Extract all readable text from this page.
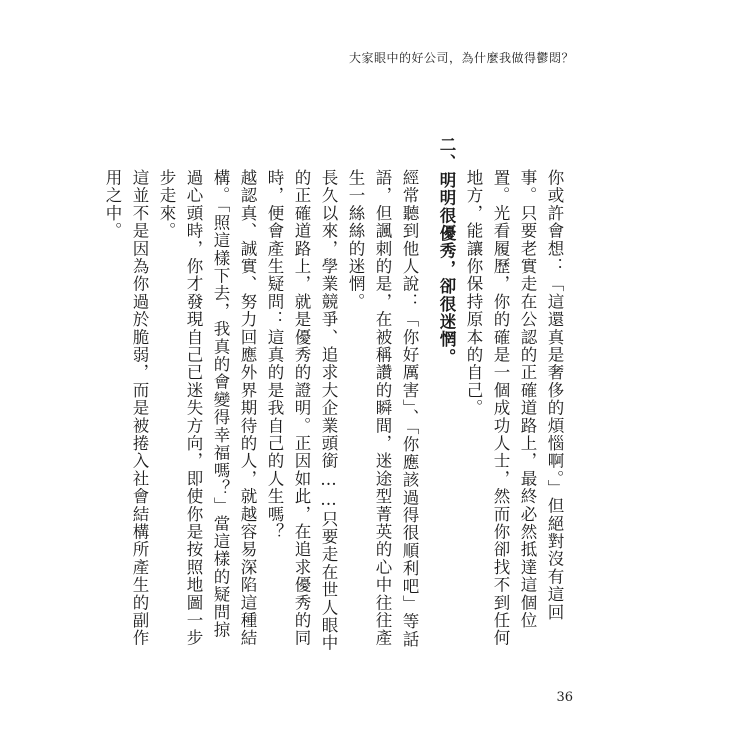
大家眼中的好公司，為什麼我做得鬱悶？

你或許會想：「這還真是奢侈的煩惱啊。」但絕對沒有這回事。只要老實走在公認的正確道路上，最終必然抵達這個位置。光看履歷，你的確是一個成功人士，然而你卻找不到任何地方，能讓你保持原本的自己。

二、明明很優秀，卻很迷惘。

經常聽到他人說：「你好厲害」、「你應該過得很順利吧」等話語，但諷刺的是，在被稱讚的瞬間，迷途型菁英的心中往往產生一絲絲的迷惘。

長久以來，學業競爭、追求大企業頭銜……只要走在世人眼中的正確道路上，就是優秀的證明。正因如此，在追求優秀的同時，便會產生疑問：這真的是我自己的人生嗎？

越認真、誠實、努力回應外界期待的人，就越容易深陷這種結構。「照這樣下去，我真的會變得幸福嗎？」當這樣的疑問掠過心頭時，你才發現自己已迷失方向，即使你是按照地圖一步步走來。

這並不是因為你過於脆弱，而是被捲入社會結構所產生的副作用之中。

36
